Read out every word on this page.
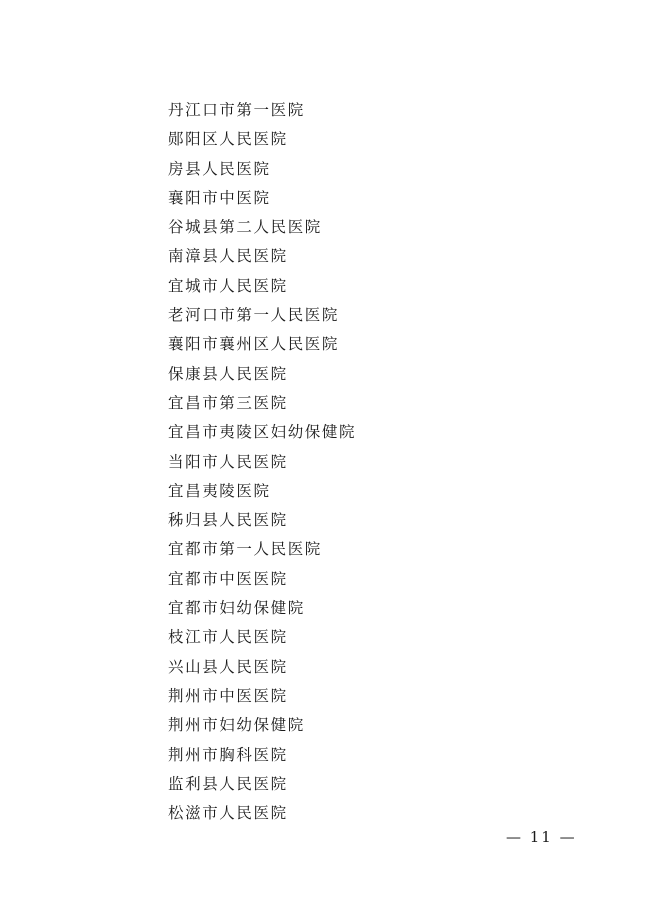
丹江口市第一医院
郧阳区人民医院
房县人民医院
襄阳市中医院
谷城县第二人民医院
南漳县人民医院
宜城市人民医院
老河口市第一人民医院
襄阳市襄州区人民医院
保康县人民医院
宜昌市第三医院
宜昌市夷陵区妇幼保健院
当阳市人民医院
宜昌夷陵医院
秭归县人民医院
宜都市第一人民医院
宜都市中医医院
宜都市妇幼保健院
枝江市人民医院
兴山县人民医院
荆州市中医医院
荆州市妇幼保健院
荆州市胸科医院
监利县人民医院
松滋市人民医院
— 11 —
